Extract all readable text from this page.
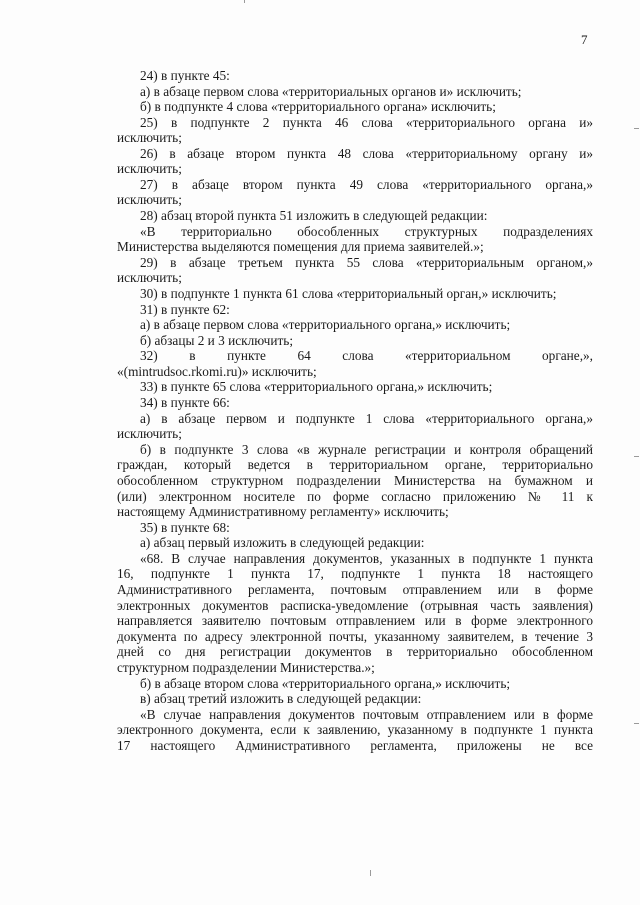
7
24) в пункте 45:
а) в абзаце первом слова «территориальных органов и» исключить;
б) в подпункте 4 слова «территориального органа» исключить;
25) в подпункте 2 пункта 46 слова «территориального органа и»
исключить;
26) в абзаце втором пункта 48 слова «территориальному органу и»
исключить;
27) в абзаце втором пункта 49 слова «территориального органа,»
исключить;
28) абзац второй пункта 51 изложить в следующей редакции:
«В территориально обособленных структурных подразделениях
Министерства выделяются помещения для приема заявителей.»;
29) в абзаце третьем пункта 55 слова «территориальным органом,»
исключить;
30) в подпункте 1 пункта 61 слова «территориальный орган,» исключить;
31) в пункте 62:
а) в абзаце первом слова «территориального органа,» исключить;
б) абзацы 2 и 3 исключить;
32) в пункте 64 слова «территориальном органе,»,
«(mintrudsoc.rkomi.ru)» исключить;
33) в пункте 65 слова «территориального органа,» исключить;
34) в пункте 66:
а) в абзаце первом и подпункте 1 слова «территориального органа,»
исключить;
б) в подпункте 3 слова «в журнале регистрации и контроля обращений
граждан, который ведется в территориальном органе, территориально
обособленном структурном подразделении Министерства на бумажном и
(или) электронном носителе по форме согласно приложению № 11 к
настоящему Административному регламенту» исключить;
35) в пункте 68:
а) абзац первый изложить в следующей редакции:
«68. В случае направления документов, указанных в подпункте 1 пункта
16, подпункте 1 пункта 17, подпункте 1 пункта 18 настоящего
Административного регламента, почтовым отправлением или в форме
электронных документов расписка-уведомление (отрывная часть заявления)
направляется заявителю почтовым отправлением или в форме электронного
документа по адресу электронной почты, указанному заявителем, в течение 3
дней со дня регистрации документов в территориально обособленном
структурном подразделении Министерства.»;
б) в абзаце втором слова «территориального органа,» исключить;
в) абзац третий изложить в следующей редакции:
«В случае направления документов почтовым отправлением или в форме
электронного документа, если к заявлению, указанному в подпункте 1 пункта
17 настоящего Административного регламента, приложены не все
